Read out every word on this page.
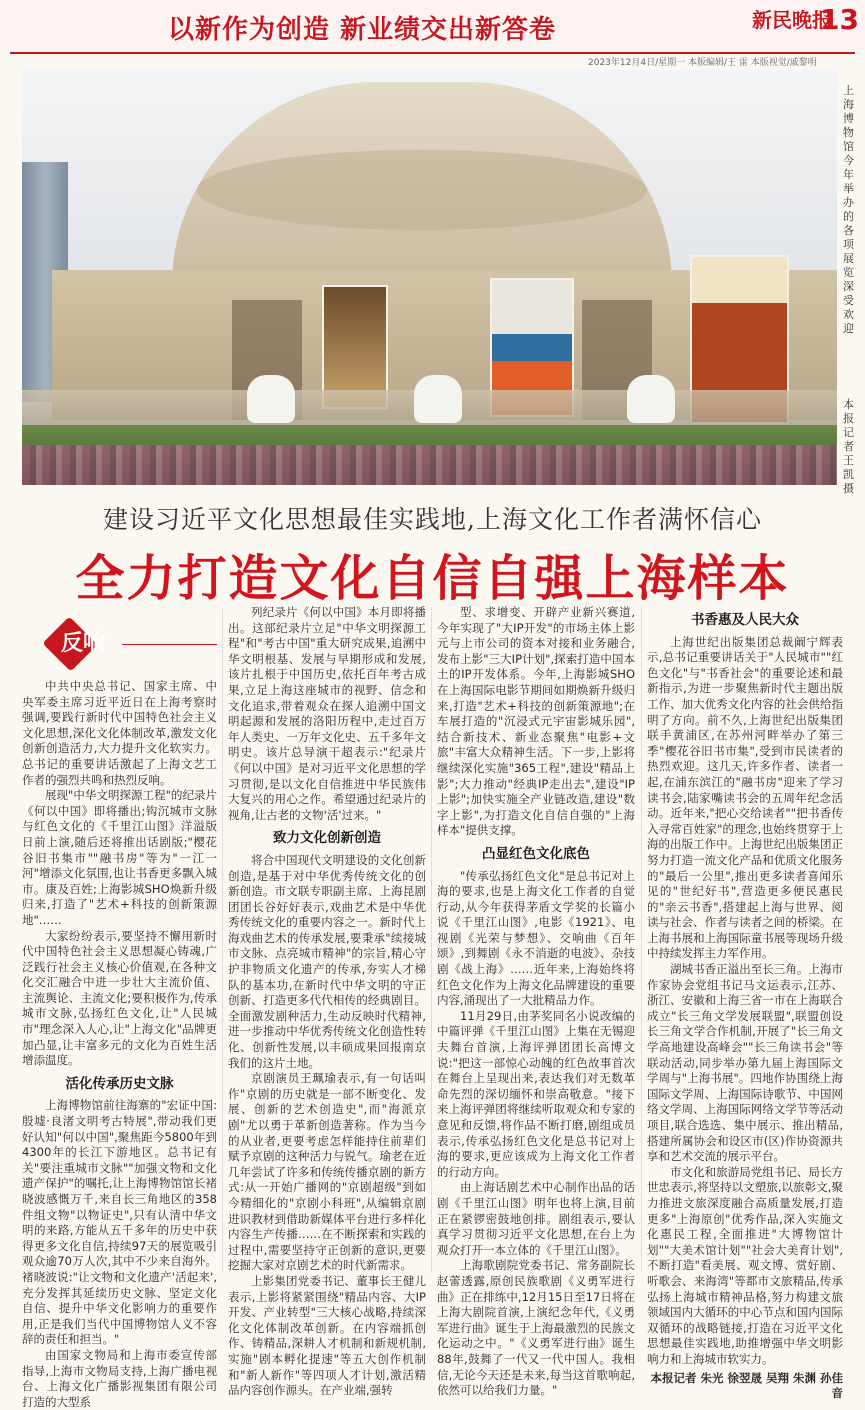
以新作为创造 新业绩交出新答卷	新民晚报
13
2023年12月4日/星期一 本版编辑/王 雷 本版视觉/戚黎明
上海博物馆今年举办的各项展览深受欢迎
本报记者 王凯 摄
建设习近平文化思想最佳实践地,上海文化工作者满怀信心
全力打造文化自信自强上海样本
反响

中共中央总书记、国家主席、中央军委主席习近平近日在上海考察时强调,要践行新时代中国特色社会主义文化思想,深化文化体制改革,激发文化创新创造活力,大力提升文化软实力。总书记的重要讲话激起了上海文艺工作者的强烈共鸣和热烈反响。

展现"中华文明探源工程"的纪录片《何以中国》即将播出;钩沉城市文脉与红色文化的《千里江山图》洋溢版日前上演,随后还将推出话剧版;"樱花谷旧书集市""融书房"等为"一江一河"增添文化氛围,也让书香更多飘入城市。康及百姓;上海影城SHO焕新升级归来,打造了"艺术+科技的创新策源地"……

大家纷纷表示,要坚持不懈用新时代中国特色社会主义思想凝心铸魂,广泛践行社会主义核心价值观,在各种文化交汇融合中进一步壮大主流价值、主流舆论、主流文化;要积极作为,传承城市文脉,弘扬红色文化,让"人民城市"理念深入人心,让"上海文化"品牌更加凸显,让丰富多元的文化为百姓生活增添温度。

活化传承历史文脉

上海博物馆前往海寨的"宏证中国:殷墟·良渚文明考古特展",带动我们更好认知"何以中国",聚焦距今5800年到4300年的长江下游地区。总书记有关"要注重城市文脉""加强文物和文化遗产保护"的嘱托,让上海博物馆馆长褚晓波感慨万千,来自长三角地区的358件组文物"以物证史",只有认清中华文明的来路,方能从五千多年的历史中获得更多文化自信,持续97天的展览吸引观众逾70万人次,其中不少来自海外。褚晓波说:"让文物和文化遗产'活起来',充分发挥其延续历史文脉、坚定文化自信、提升中华文化影响力的重要作用,正是我们当代中国博物馆人义不容辞的责任和担当。"

由国家文物局和上海市委宣传部指导,上海市文物局支持,上海广播电视台、上海文化广播影视集团有限公司打造的大型系

列纪录片《何以中国》本月即将播出。这部纪录片立足"中华文明探源工程"和"考古中国"重大研究成果,追溯中华文明根基、发展与早期形成和发展,该片扎根于中国历史,依托百年考古成果,立足上海这座城市的视野、信念和文化追求,带着观众在探人追溯中国文明起源和发展的洛阳历程中,走过百万年人类史、一万年文化史、五千多年文明史。该片总导演干超表示:"纪录片《何以中国》是对习近平文化思想的学习贯彻,是以文化自信推进中华民族伟大复兴的用心之作。希望通过纪录片的视角,让古老的文物'活'过来。"

致力文化创新创造

将合中国现代文明建设的文化创新创造,是基于对中华优秀传统文化的创新创造。市文联专职副主席、上海昆剧团团长谷好好表示,戏曲艺术是中华优秀传统文化的重要内容之一。新时代上海戏曲艺术的传承发展,要秉承"续接城市文脉、点亮城市精神"的宗旨,精心守护非物质文化遗产的传承,夯实人才梯队的基本功,在新时代中华文明的守正创新、打造更多代代相传的经典剧目。全面激发剧种活力,生动反映时代精神,进一步推动中华优秀传统文化创造性转化、创新性发展,以丰硕成果回报南京我们的这片土地。

京剧演员王珮瑜表示,有一句话叫作"京剧的历史就是一部不断变化、发展、创新的艺术创造史",而"海派京剧"尤以勇于革新创造著称。作为当今的从业者,更要考虑怎样能持住前辈们赋予京剧的这种活力与锐气。瑜老在近几年尝试了许多和传统传播京剧的新方式:从一开始广播网的"京剧超级"到如今精细化的"京剧小科班",从编辑京剧进识教材到借助新媒体平台进行多样化内容生产传播……在不断探索和实践的过程中,需要坚持守正创新的意识,更要挖掘大家对京剧艺术的时代新需求。

上影集团党委书记、董事长王健儿表示,上影将紧紧围绕"精品内容、大IP开发、产业转型"三大核心战略,持续深化文化体制改革创新。在内容端抓创作、铸精品,深耕人才机制和新规机制,实施"剧本孵化提速"等五大创作机制和"新人新作"等四项人才计划,激活精品内容创作源头。在产业端,强转

型、求增变、开辟产业新兴赛道,今年实现了"大IP开发"的市场主体上影元与上市公司的资本对接和业务融合,发布上影"三大IP计划",探索打造中国本土的IP开发体系。今年,上海影城SHO在上海国际电影节期间如期焕新升级归来,打造"艺术+科技的创新策源地";在车展打造的"沉浸式元宇宙影城乐园",结合新技术、新业态聚焦"电影+文旅"丰富大众精神生活。下一步,上影将继续深化实施"365工程",建设"精品上影";大力推动"经典IP走出去",建设"IP上影";加快实施全产业链改造,建设"数字上影",为打造文化自信自强的"上海样本"提供支撑。

凸显红色文化底色

"传承弘扬红色文化"是总书记对上海的要求,也是上海文化工作者的自觉行动,从今年获得茅盾文学奖的长篇小说《千里江山图》,电影《1921》、电视剧《光荣与梦想》、交响曲《百年颂》,到舞剧《永不消逝的电波》、杂技剧《战上海》……近年来,上海始终将红色文化作为上海文化品牌建设的重要内容,涌现出了一大批精品力作。

11月29日,由茅奖同名小说改编的中篇评弹《千里江山图》上集在无锡迎夫舞台首演,上海评弹团团长高博文说:"把这一部惊心动魄的红色故事首次在舞台上呈现出来,表达我们对无数革命先烈的深切缅怀和崇高敬意。"接下来上海评弹团将继续听取观众和专家的意见和反馈,将作品不断打磨,剧组成员表示,传承弘扬红色文化是总书记对上海的要求,更应该成为上海文化工作者的行动方向。

由上海话剧艺术中心制作出品的话剧《千里江山图》明年也将上演,目前正在紧锣密鼓地创排。剧组表示,要认真学习贯彻习近平文化思想,在台上为观众打开一本立体的《千里江山图》。

上海歌剧院党委书记、常务副院长赵蕾透露,原创民族歌剧《义勇军进行曲》正在排练中,12月15日至17日将在上海大剧院首演,上演纪念年代,《义勇军进行曲》诞生于上海最激烈的民族文化运动之中。"《义勇军进行曲》诞生88年,鼓舞了一代又一代中国人。我相信,无论今天还是未来,每当这首歌响起,依然可以给我们力量。"

书香惠及人民大众

上海世纪出版集团总裁阚宁辉表示,总书记重要讲话关于"人民城市""红色文化"与"书香社会"的重要论述和最新指示,为进一步聚焦新时代主题出版工作、加大优秀文化内容的社会供给指明了方向。前不久,上海世纪出版集团联手黄浦区,在苏州河畔举办了第三季"樱花谷旧书市集",受到市民读者的热烈欢迎。这几天,许多作者、读者一起,在浦东滨江的"融书房"迎来了学习读书会,陆家嘴读书会的五周年纪念活动。近年来,"把心交给读者""把书香传入寻常百姓家"的理念,也始终贯穿于上海的出版工作中。上海世纪出版集团正努力打造一流文化产品和优质文化服务的"最后一公里",推出更多读者喜闻乐见的"世纪好书",营造更多便民惠民的"亲云书香",搭建起上海与世界、阅读与社会、作者与读者之间的桥梁。在上海书展和上海国际童书展等现场升级中持续发挥主力军作用。

湖城书香正溢出至长三角。上海市作家协会党组书记马文运表示,江苏、浙江、安徽和上海三省一市在上海联合成立"长三角文学发展联盟",联盟创设长三角文学合作机制,开展了"长三角文学高地建设高峰会""长三角读书会"等联动活动,同步举办第九届上海国际文学周与"上海书展"。四地作协围绕上海国际文学周、上海国际诗歌节、中国网络文学周、上海国际网络文学节等活动项目,联合选选、集中展示、推出精品,搭建所属协会和设区市(区)作协资源共享和艺术交流的展示平台。

市文化和旅游局党组书记、局长方世忠表示,将坚持以文塑旅,以旅彰文,聚力推进文旅深度融合高质量发展,打造更多"上海原创"优秀作品,深入实施文化惠民工程,全面推进"大博物馆计划""大美术馆计划""社会大美育计划",不断打造"看美展、观文博、赏好剧、听歌会、来海湾"等都市文旅精品,传承弘扬上海城市精神品格,努力构建文旅领域国内大循环的中心节点和国内国际双循环的战略链接,打造在习近平文化思想最佳实践地,助推增强中华文明影响力和上海城市软实力。

本报记者 朱光 徐翌晟 吴翔 朱渊 孙佳音
